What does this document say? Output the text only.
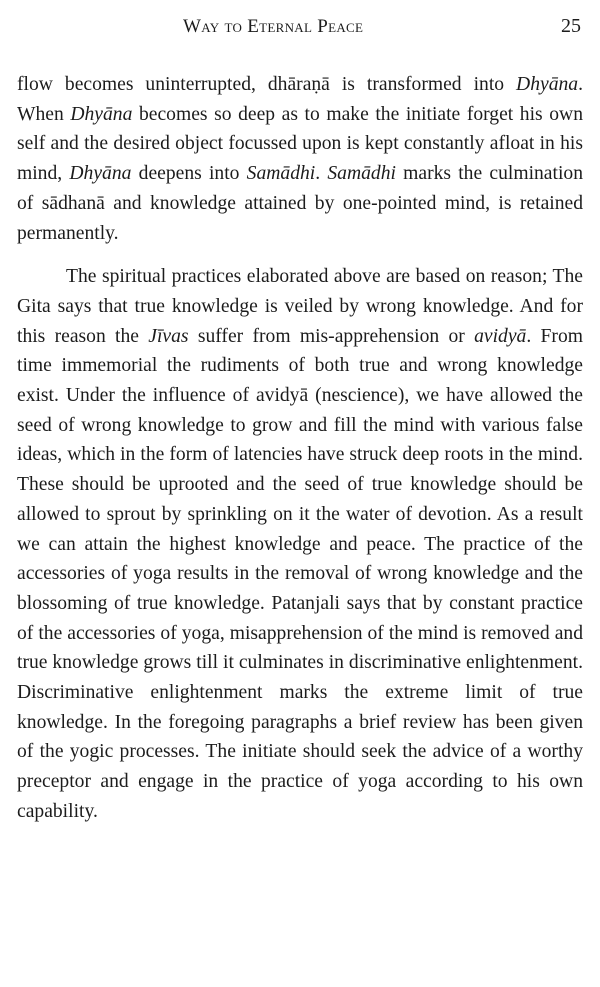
Way to Eternal Peace	25

flow becomes uninterrupted, dhāraṇā is transformed into Dhyāna. When Dhyāna becomes so deep as to make the initiate forget his own self and the desired object focussed upon is kept constantly afloat in his mind, Dhyāna deepens into Samādhi. Samādhi marks the culmination of sādhanā and knowledge attained by one-pointed mind, is retained permanently.

The spiritual practices elaborated above are based on reason; The Gita says that true knowledge is veiled by wrong knowledge. And for this reason the Jīvas suffer from mis-apprehension or avidyā. From time immemorial the rudiments of both true and wrong knowledge exist. Under the influence of avidyā (nescience), we have allowed the seed of wrong knowledge to grow and fill the mind with various false ideas, which in the form of latencies have struck deep roots in the mind. These should be uprooted and the seed of true knowledge should be allowed to sprout by sprinkling on it the water of devotion. As a result we can attain the highest knowledge and peace. The practice of the accessories of yoga results in the removal of wrong knowledge and the blossoming of true knowledge. Patanjali says that by constant practice of the accessories of yoga, misapprehension of the mind is removed and true knowledge grows till it culminates in discriminative enlightenment. Discriminative enlightenment marks the extreme limit of true knowledge. In the foregoing paragraphs a brief review has been given of the yogic processes. The initiate should seek the advice of a worthy preceptor and engage in the practice of yoga according to his own capability.
